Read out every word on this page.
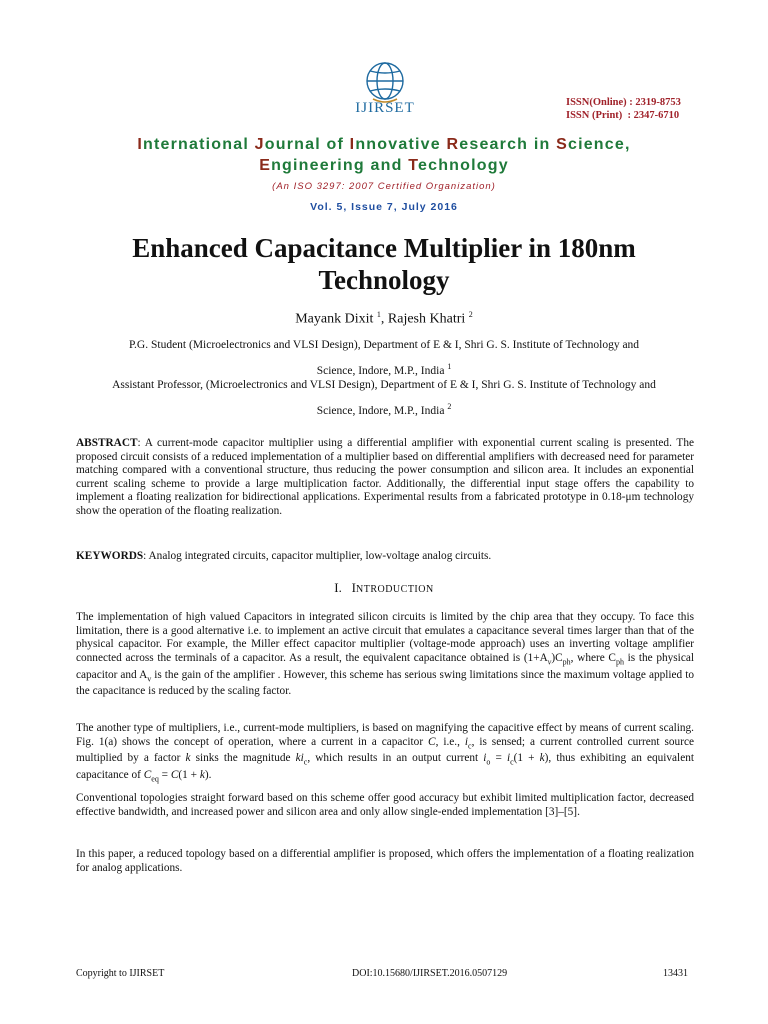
IJIRSET	ISSN(Online) : 2319-8753
ISSN (Print)  : 2347-6710
International Journal of Innovative Research in Science,
Engineering and Technology
(An ISO 3297: 2007 Certified Organization)
Vol. 5, Issue 7, July 2016
Enhanced Capacitance Multiplier in 180nm
Technology
Mayank Dixit $^1$, Rajesh Khatri $^2$
P.G. Student (Microelectronics and VLSI Design), Department of E & I, Shri G. S. Institute of Technology and
Science, Indore, M.P., India $^1$
Assistant Professor, (Microelectronics and VLSI Design), Department of E & I, Shri G. S. Institute of Technology and
Science, Indore, M.P., India $^2$
ABSTRACT: A current-mode capacitor multiplier using a differential amplifier with exponential current scaling is presented. The proposed circuit consists of a reduced implementation of a multiplier based on differential amplifiers with decreased need for parameter matching compared with a conventional structure, thus reducing the power consumption and silicon area. It includes an exponential current scaling scheme to provide a large multiplication factor. Additionally, the differential input stage offers the capability to implement a floating realization for bidirectional applications. Experimental results from a fabricated prototype in 0.18-μm technology show the operation of the floating realization.
KEYWORDS: Analog integrated circuits, capacitor multiplier, low-voltage analog circuits.
I. INTRODUCTION
The implementation of high valued Capacitors in integrated silicon circuits is limited by the chip area that they occupy. To face this limitation, there is a good alternative i.e. to implement an active circuit that emulates a capacitance several times larger than that of the physical capacitor. For example, the Miller effect capacitor multiplier (voltage-mode approach) uses an inverting voltage amplifier connected across the terminals of a capacitor. As a result, the equivalent capacitance obtained is $(1+A_v)C_{ph}$, where $C_{ph}$ is the physical capacitor and $A_v$ is the gain of the amplifier . However, this scheme has serious swing limitations since the maximum voltage applied to the capacitance is reduced by the scaling factor.
The another type of multipliers, i.e., current-mode multipliers, is based on magnifying the capacitive effect by means of current scaling. Fig. 1(a) shows the concept of operation, where a current in a capacitor C, i.e., $i_c$, is sensed; a current controlled current source multiplied by a factor k sinks the magnitude $ki_c$, which results in an output current $i_o = i_c(1 + k)$, thus exhibiting an equivalent capacitance of $C_{eq} = C(1 + k)$.
Conventional topologies straight forward based on this scheme offer good accuracy but exhibit limited multiplication factor, decreased effective bandwidth, and increased power and silicon area and only allow single-ended implementation [3]–[5].
In this paper, a reduced topology based on a differential amplifier is proposed, which offers the implementation of a floating realization for analog applications.
Copyright to IJIRSET	DOI:10.15680/IJIRSET.2016.0507129	13431
